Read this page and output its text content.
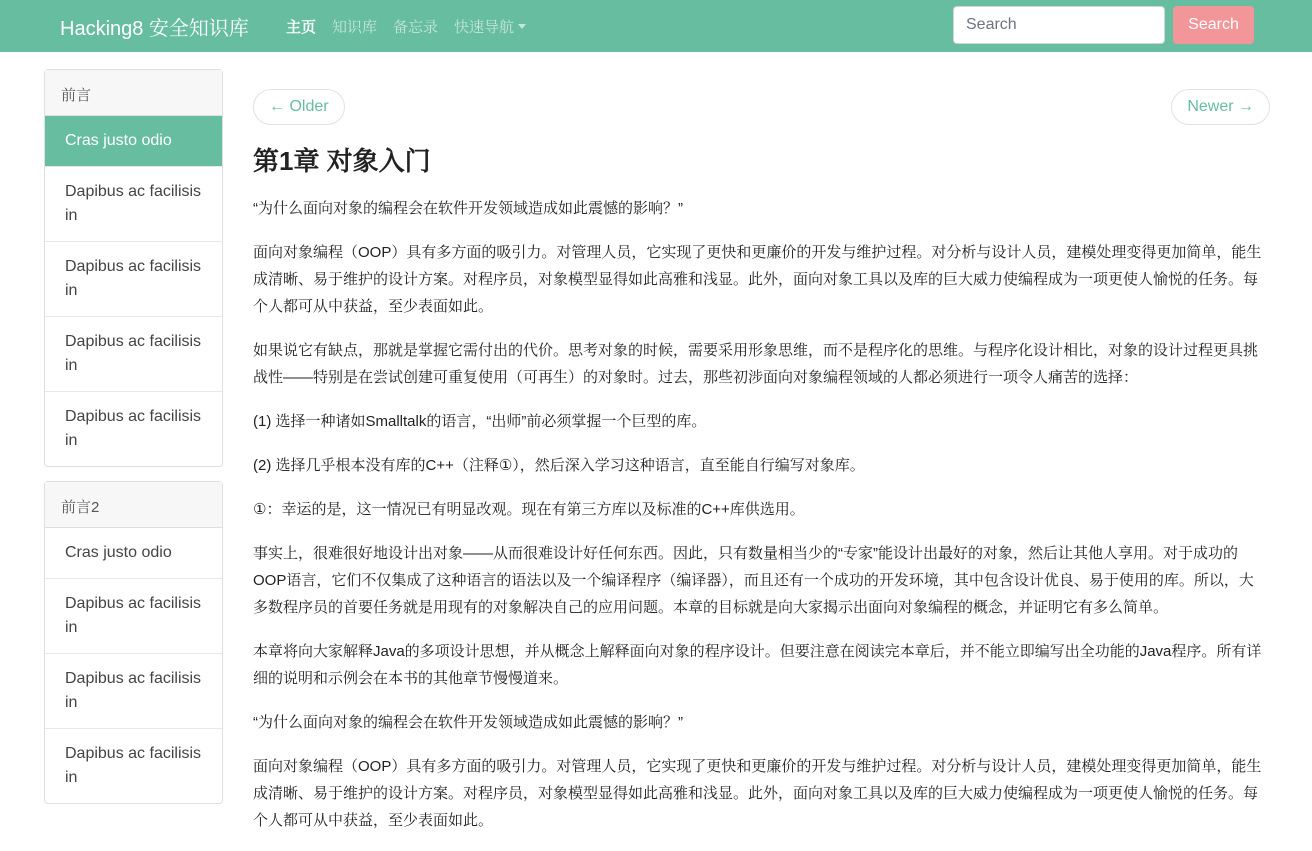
Hacking8 安全知识库 主页 知识库 备忘录 快速导航
Search	Search
前言
Cras justo odio
Dapibus ac facilisis in
Dapibus ac facilisis in
Dapibus ac facilisis in
Dapibus ac facilisis in
前言2
Cras justo odio
Dapibus ac facilisis in
Dapibus ac facilisis in
Dapibus ac facilisis in
← Older	Newer →
第1章 对象入门

“为什么面向对象的编程会在软件开发领域造成如此震憾的影响？”

面向对象编程（OOP）具有多方面的吸引力。对管理人员，它实现了更快和更廉价的开发与维护过程。对分析与设计人员，建模处理变得更加简单，能生成清晰、易于维护的设计方案。对程序员，对象模型显得如此高雅和浅显。此外，面向对象工具以及库的巨大威力使编程成为一项更使人愉悦的任务。每个人都可从中获益，至少表面如此。

如果说它有缺点，那就是掌握它需付出的代价。思考对象的时候，需要采用形象思维，而不是程序化的思维。与程序化设计相比，对象的设计过程更具挑战性——特别是在尝试创建可重复使用（可再生）的对象时。过去，那些初涉面向对象编程领域的人都必须进行一项令人痛苦的选择：

(1) 选择一种诸如Smalltalk的语言，“出师”前必须掌握一个巨型的库。

(2) 选择几乎根本没有库的C++（注释①），然后深入学习这种语言，直至能自行编写对象库。

①：幸运的是，这一情况已有明显改观。现在有第三方库以及标准的C++库供选用。

事实上，很难很好地设计出对象——从而很难设计好任何东西。因此，只有数量相当少的“专家”能设计出最好的对象，然后让其他人享用。对于成功的OOP语言，它们不仅集成了这种语言的语法以及一个编译程序（编译器），而且还有一个成功的开发环境，其中包含设计优良、易于使用的库。所以，大多数程序员的首要任务就是用现有的对象解决自己的应用问题。本章的目标就是向大家揭示出面向对象编程的概念，并证明它有多么简单。

本章将向大家解释Java的多项设计思想，并从概念上解释面向对象的程序设计。但要注意在阅读完本章后，并不能立即编写出全功能的Java程序。所有详细的说明和示例会在本书的其他章节慢慢道来。

“为什么面向对象的编程会在软件开发领域造成如此震憾的影响？”

面向对象编程（OOP）具有多方面的吸引力。对管理人员，它实现了更快和更廉价的开发与维护过程。对分析与设计人员，建模处理变得更加简单，能生成清晰、易于维护的设计方案。对程序员，对象模型显得如此高雅和浅显。此外，面向对象工具以及库的巨大威力使编程成为一项更使人愉悦的任务。每个人都可从中获益，至少表面如此。
